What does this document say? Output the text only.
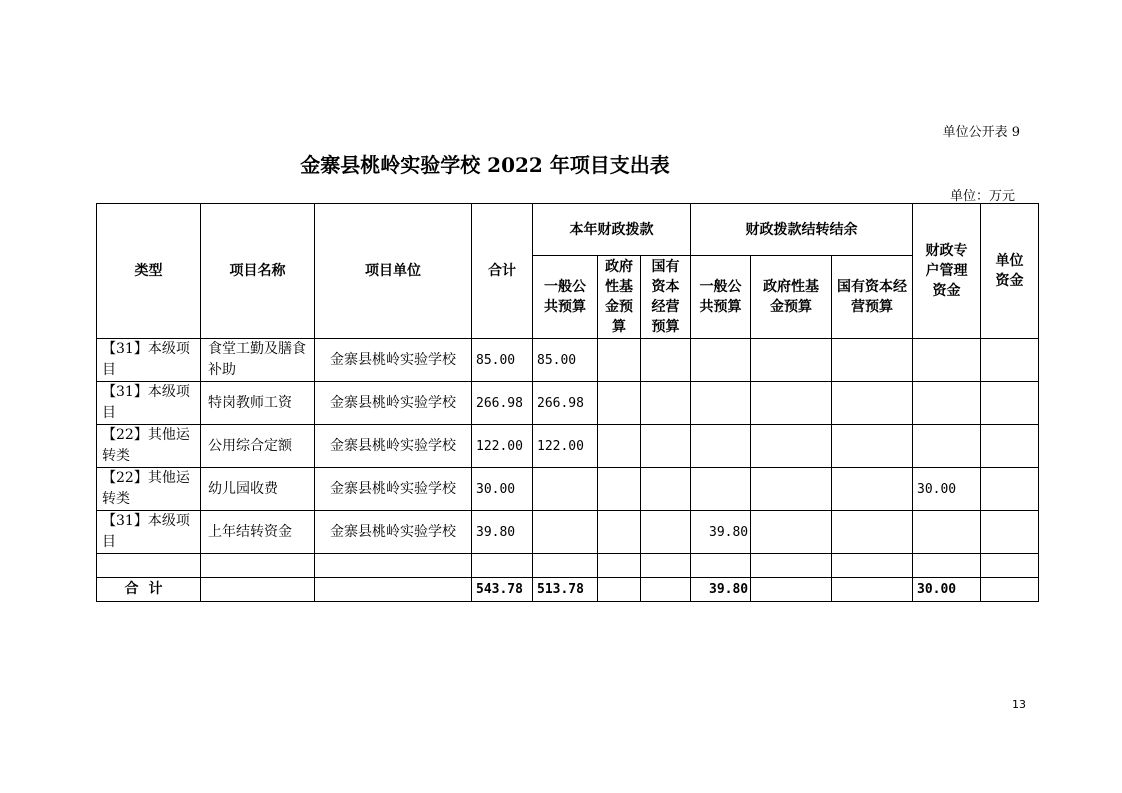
单位公开表 9
金寨县桃岭实验学校 2022 年项目支出表
单位：万元
类型	项目名称	项目单位	合计	本年财政拨款			财政拨款结转结余			财政专户管理资金	单位资金
				一般公共预算	政府性基金预算	国有资本经营预算	一般公共预算	政府性基金预算	国有资本经营预算		
【31】本级项目	食堂工勤及膳食补助	金寨县桃岭实验学校	85.00	85.00							
【31】本级项目	特岗教师工资	金寨县桃岭实验学校	266.98	266.98							
【22】其他运转类	公用综合定额	金寨县桃岭实验学校	122.00	122.00							
【22】其他运转类	幼儿园收费	金寨县桃岭实验学校	30.00							30.00	
【31】本级项目	上年结转资金	金寨县桃岭实验学校	39.80				39.80				

合计			543.78	513.78			39.80			30.00	
13
